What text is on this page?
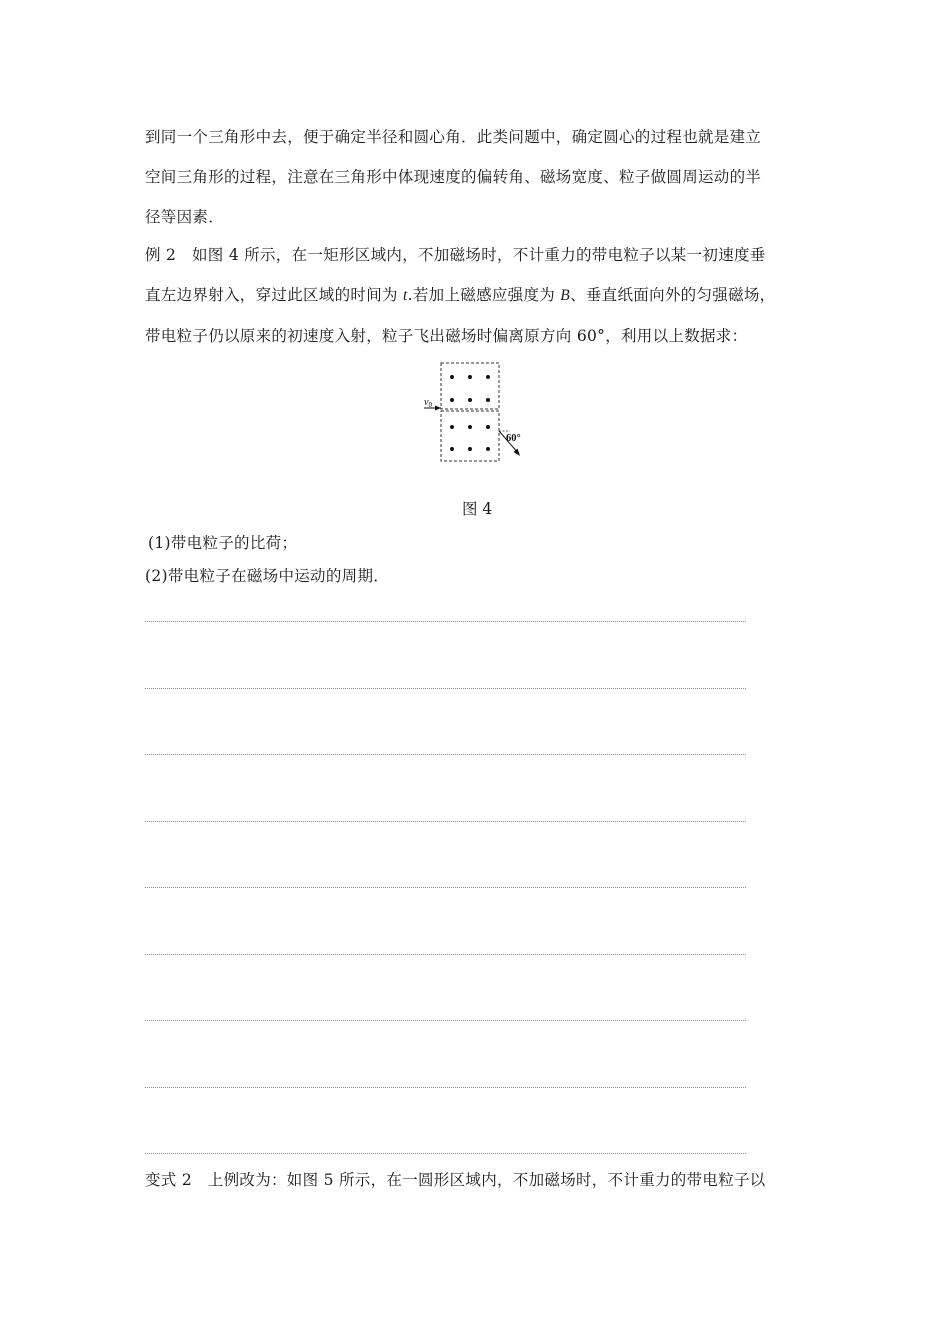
到同一个三角形中去，便于确定半径和圆心角．此类问题中，确定圆心的过程也就是建立
空间三角形的过程，注意在三角形中体现速度的偏转角、磁场宽度、粒子做圆周运动的半
径等因素．
例 2　如图 4 所示，在一矩形区域内，不加磁场时，不计重力的带电粒子以某一初速度垂
直左边界射入，穿过此区域的时间为 t.若加上磁感应强度为 B、垂直纸面向外的匀强磁场，
带电粒子仍以原来的初速度入射，粒子飞出磁场时偏离原方向 60°，利用以上数据求：
$v_0$
60°
图 4
(1)带电粒子的比荷；
(2)带电粒子在磁场中运动的周期．
变式 2　上例改为：如图 5 所示，在一圆形区域内，不加磁场时，不计重力的带电粒子以
